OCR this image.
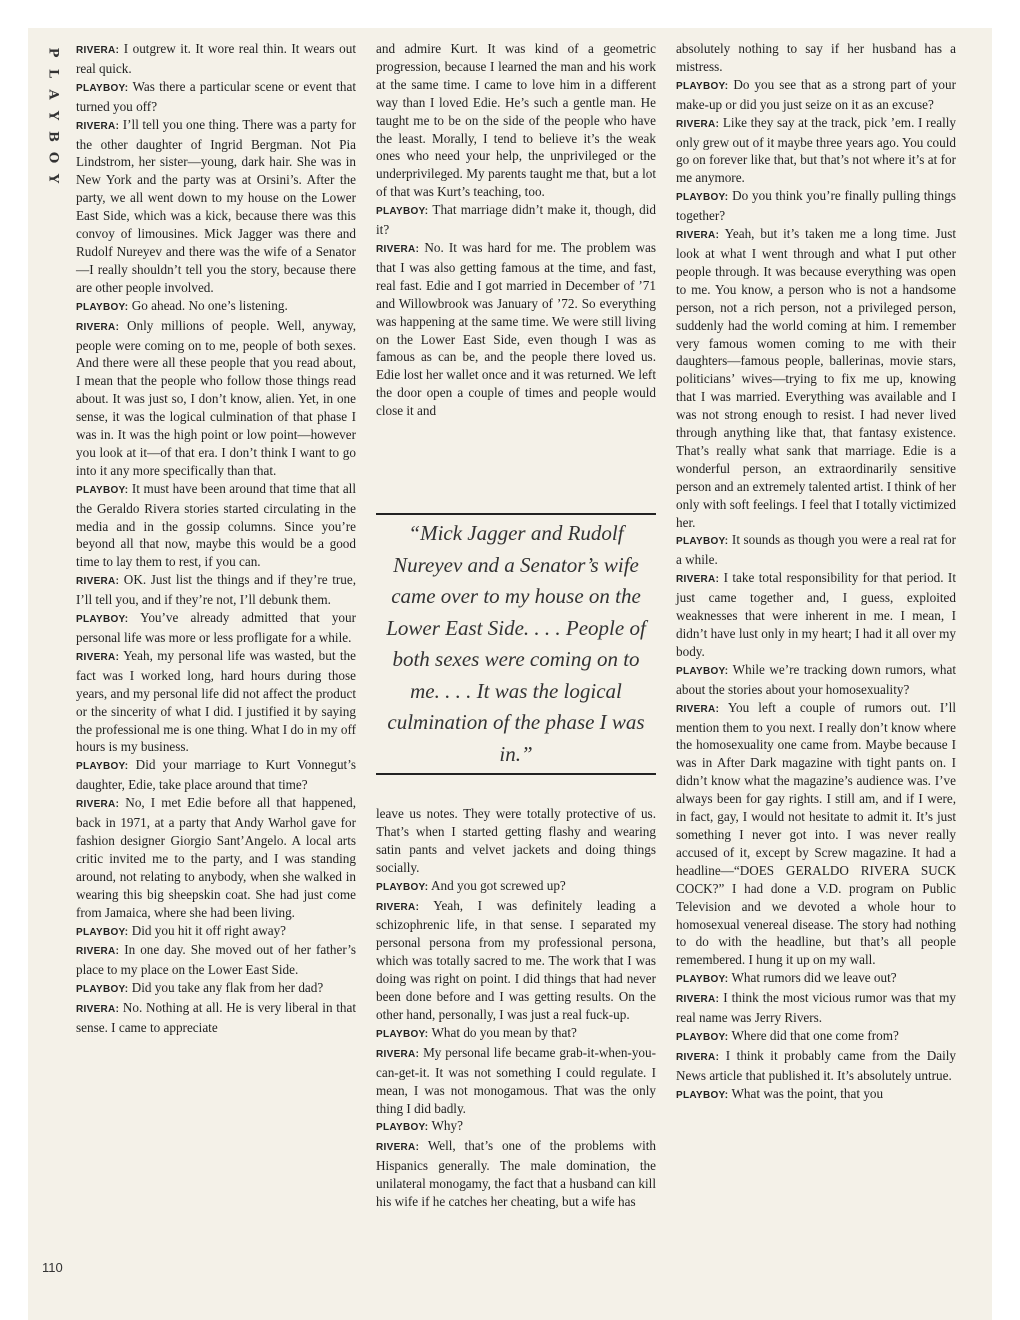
P
L
A
Y
B
O
Y

RIVERA: I outgrew it. It wore real thin. It wears out real quick.

PLAYBOY: Was there a particular scene or event that turned you off?

RIVERA: I’ll tell you one thing. There was a party for the other daughter of Ingrid Bergman. Not Pia Lindstrom, her sister—young, dark hair. She was in New York and the party was at Orsini’s. After the party, we all went down to my house on the Lower East Side, which was a kick, because there was this convoy of limousines. Mick Jagger was there and Rudolf Nureyev and there was the wife of a Senator—I really shouldn’t tell you the story, because there are other people involved.

PLAYBOY: Go ahead. No one’s listening.

RIVERA: Only millions of people. Well, anyway, people were coming on to me, people of both sexes. And there were all these people that you read about, I mean that the people who follow those things read about. It was just so, I don’t know, alien. Yet, in one sense, it was the logical culmination of that phase I was in. It was the high point or low point—however you look at it—of that era. I don’t think I want to go into it any more specifically than that.

PLAYBOY: It must have been around that time that all the Geraldo Rivera stories started circulating in the media and in the gossip columns. Since you’re beyond all that now, maybe this would be a good time to lay them to rest, if you can.

RIVERA: OK. Just list the things and if they’re true, I’ll tell you, and if they’re not, I’ll debunk them.

PLAYBOY: You’ve already admitted that your personal life was more or less profligate for a while.

RIVERA: Yeah, my personal life was wasted, but the fact was I worked long, hard hours during those years, and my personal life did not affect the product or the sincerity of what I did. I justified it by saying the professional me is one thing. What I do in my off hours is my business.

PLAYBOY: Did your marriage to Kurt Vonnegut’s daughter, Edie, take place around that time?

RIVERA: No, I met Edie before all that happened, back in 1971, at a party that Andy Warhol gave for fashion designer Giorgio Sant’Angelo. A local arts critic invited me to the party, and I was standing around, not relating to anybody, when she walked in wearing this big sheepskin coat. She had just come from Jamaica, where she had been living.

PLAYBOY: Did you hit it off right away?

RIVERA: In one day. She moved out of her father’s place to my place on the Lower East Side.

PLAYBOY: Did you take any flak from her dad?

RIVERA: No. Nothing at all. He is very liberal in that sense. I came to appreciate

and admire Kurt. It was kind of a geometric progression, because I learned the man and his work at the same time. I came to love him in a different way than I loved Edie. He’s such a gentle man. He taught me to be on the side of the people who have the least. Morally, I tend to believe it’s the weak ones who need your help, the unprivileged or the underprivileged. My parents taught me that, but a lot of that was Kurt’s teaching, too.

PLAYBOY: That marriage didn’t make it, though, did it?

RIVERA: No. It was hard for me. The problem was that I was also getting famous at the time, and fast, real fast. Edie and I got married in December of ’71 and Willowbrook was January of ’72. So everything was happening at the same time. We were still living on the Lower East Side, even though I was as famous as can be, and the people there loved us. Edie lost her wallet once and it was returned. We left the door open a couple of times and people would close it and

leave us notes. They were totally protective of us. That’s when I started getting flashy and wearing satin pants and velvet jackets and doing things socially.

PLAYBOY: And you got screwed up?

RIVERA: Yeah, I was definitely leading a schizophrenic life, in that sense. I separated my personal persona from my professional persona, which was totally sacred to me. The work that I was doing was right on point. I did things that had never been done before and I was getting results. On the other hand, personally, I was just a real fuck-up.

PLAYBOY: What do you mean by that?

RIVERA: My personal life became grab-it-when-you-can-get-it. It was not something I could regulate. I mean, I was not monogamous. That was the only thing I did badly.

PLAYBOY: Why?

RIVERA: Well, that’s one of the problems with Hispanics generally. The male domination, the unilateral monogamy, the fact that a husband can kill his wife if he catches her cheating, but a wife has

“Mick Jagger and Rudolf Nureyev and a Senator’s wife came over to my house on the Lower East Side. . . . People of both sexes were coming on to me. . . . It was the logical culmination of the phase I was in.”

absolutely nothing to say if her husband has a mistress.

PLAYBOY: Do you see that as a strong part of your make-up or did you just seize on it as an excuse?

RIVERA: Like they say at the track, pick ’em. I really only grew out of it maybe three years ago. You could go on forever like that, but that’s not where it’s at for me anymore.

PLAYBOY: Do you think you’re finally pulling things together?

RIVERA: Yeah, but it’s taken me a long time. Just look at what I went through and what I put other people through. It was because everything was open to me. You know, a person who is not a handsome person, not a rich person, not a privileged person, suddenly had the world coming at him. I remember very famous women coming to me with their daughters—famous people, ballerinas, movie stars, politicians’ wives—trying to fix me up, knowing that I was married. Everything was available and I was not strong enough to resist. I had never lived through anything like that, that fantasy existence. That’s really what sank that marriage. Edie is a wonderful person, an extraordinarily sensitive person and an extremely talented artist. I think of her only with soft feelings. I feel that I totally victimized her.

PLAYBOY: It sounds as though you were a real rat for a while.

RIVERA: I take total responsibility for that period. It just came together and, I guess, exploited weaknesses that were inherent in me. I mean, I didn’t have lust only in my heart; I had it all over my body.

PLAYBOY: While we’re tracking down rumors, what about the stories about your homosexuality?

RIVERA: You left a couple of rumors out. I’ll mention them to you next. I really don’t know where the homosexuality one came from. Maybe because I was in After Dark magazine with tight pants on. I didn’t know what the magazine’s audience was. I’ve always been for gay rights. I still am, and if I were, in fact, gay, I would not hesitate to admit it. It’s just something I never got into. I was never really accused of it, except by Screw magazine. It had a headline—“DOES GERALDO RIVERA SUCK COCK?” I had done a V.D. program on Public Television and we devoted a whole hour to homosexual venereal disease. The story had nothing to do with the headline, but that’s all people remembered. I hung it up on my wall.

PLAYBOY: What rumors did we leave out?

RIVERA: I think the most vicious rumor was that my real name was Jerry Rivers.

PLAYBOY: Where did that one come from?

RIVERA: I think it probably came from the Daily News article that published it. It’s absolutely untrue.

PLAYBOY: What was the point, that you

110
